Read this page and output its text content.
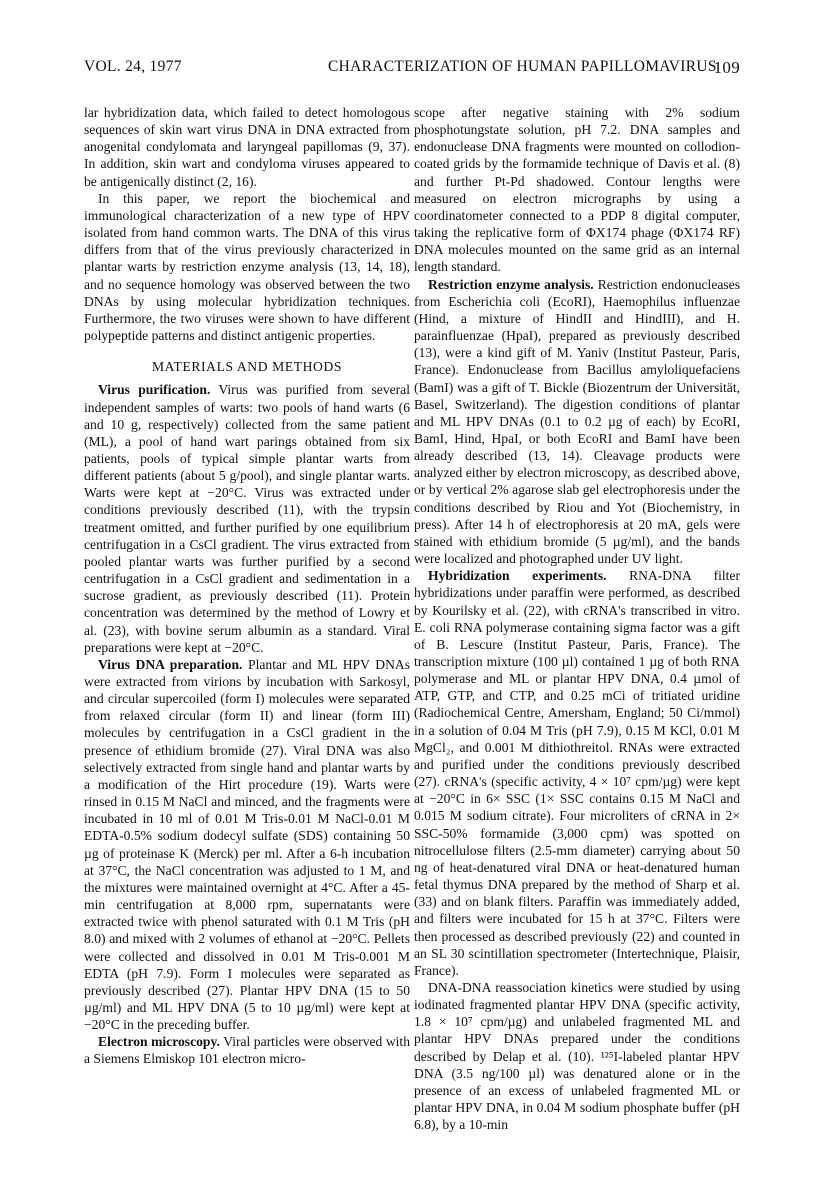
VOL. 24, 1977	CHARACTERIZATION OF HUMAN PAPILLOMAVIRUS
109

lar hybridization data, which failed to detect homologous sequences of skin wart virus DNA in DNA extracted from anogenital condylomata and laryngeal papillomas (9, 37). In addition, skin wart and condyloma viruses appeared to be antigenically distinct (2, 16).

In this paper, we report the biochemical and immunological characterization of a new type of HPV isolated from hand common warts. The DNA of this virus differs from that of the virus previously characterized in plantar warts by restriction enzyme analysis (13, 14, 18), and no sequence homology was observed between the two DNAs by using molecular hybridization techniques. Furthermore, the two viruses were shown to have different polypeptide patterns and distinct antigenic properties.

MATERIALS AND METHODS

Virus purification. Virus was purified from several independent samples of warts: two pools of hand warts (6 and 10 g, respectively) collected from the same patient (ML), a pool of hand wart parings obtained from six patients, pools of typical simple plantar warts from different patients (about 5 g/pool), and single plantar warts. Warts were kept at −20°C. Virus was extracted under conditions previously described (11), with the trypsin treatment omitted, and further purified by one equilibrium centrifugation in a CsCl gradient. The virus extracted from pooled plantar warts was further purified by a second centrifugation in a CsCl gradient and sedimentation in a sucrose gradient, as previously described (11). Protein concentration was determined by the method of Lowry et al. (23), with bovine serum albumin as a standard. Viral preparations were kept at −20°C.

Virus DNA preparation. Plantar and ML HPV DNAs were extracted from virions by incubation with Sarkosyl, and circular supercoiled (form I) molecules were separated from relaxed circular (form II) and linear (form III) molecules by centrifugation in a CsCl gradient in the presence of ethidium bromide (27). Viral DNA was also selectively extracted from single hand and plantar warts by a modification of the Hirt procedure (19). Warts were rinsed in 0.15 M NaCl and minced, and the fragments were incubated in 10 ml of 0.01 M Tris-0.01 M NaCl-0.01 M EDTA-0.5% sodium dodecyl sulfate (SDS) containing 50 µg of proteinase K (Merck) per ml. After a 6-h incubation at 37°C, the NaCl concentration was adjusted to 1 M, and the mixtures were maintained overnight at 4°C. After a 45-min centrifugation at 8,000 rpm, supernatants were extracted twice with phenol saturated with 0.1 M Tris (pH 8.0) and mixed with 2 volumes of ethanol at −20°C. Pellets were collected and dissolved in 0.01 M Tris-0.001 M EDTA (pH 7.9). Form I molecules were separated as previously described (27). Plantar HPV DNA (15 to 50 µg/ml) and ML HPV DNA (5 to 10 µg/ml) were kept at −20°C in the preceding buffer.

Electron microscopy. Viral particles were observed with a Siemens Elmiskop 101 electron micro-

scope after negative staining with 2% sodium phosphotungstate solution, pH 7.2. DNA samples and endonuclease DNA fragments were mounted on collodion-coated grids by the formamide technique of Davis et al. (8) and further Pt-Pd shadowed. Contour lengths were measured on electron micrographs by using a coordinatometer connected to a PDP 8 digital computer, taking the replicative form of ΦX174 phage (ΦX174 RF) DNA molecules mounted on the same grid as an internal length standard.

Restriction enzyme analysis. Restriction endonucleases from Escherichia coli (EcoRI), Haemophilus influenzae (Hind, a mixture of HindII and HindIII), and H. parainfluenzae (HpaI), prepared as previously described (13), were a kind gift of M. Yaniv (Institut Pasteur, Paris, France). Endonuclease from Bacillus amyloliquefaciens (BamI) was a gift of T. Bickle (Biozentrum der Universität, Basel, Switzerland). The digestion conditions of plantar and ML HPV DNAs (0.1 to 0.2 µg of each) by EcoRI, BamI, Hind, HpaI, or both EcoRI and BamI have been already described (13, 14). Cleavage products were analyzed either by electron microscopy, as described above, or by vertical 2% agarose slab gel electrophoresis under the conditions described by Riou and Yot (Biochemistry, in press). After 14 h of electrophoresis at 20 mA, gels were stained with ethidium bromide (5 µg/ml), and the bands were localized and photographed under UV light.

Hybridization experiments. RNA-DNA filter hybridizations under paraffin were performed, as described by Kourilsky et al. (22), with cRNA's transcribed in vitro. E. coli RNA polymerase containing sigma factor was a gift of B. Lescure (Institut Pasteur, Paris, France). The transcription mixture (100 µl) contained 1 µg of both RNA polymerase and ML or plantar HPV DNA, 0.4 µmol of ATP, GTP, and CTP, and 0.25 mCi of tritiated uridine (Radiochemical Centre, Amersham, England; 50 Ci/mmol) in a solution of 0.04 M Tris (pH 7.9), 0.15 M KCl, 0.01 M MgCl₂, and 0.001 M dithiothreitol. RNAs were extracted and purified under the conditions previously described (27). cRNA's (specific activity, 4 × 10⁷ cpm/µg) were kept at −20°C in 6× SSC (1× SSC contains 0.15 M NaCl and 0.015 M sodium citrate). Four microliters of cRNA in 2× SSC-50% formamide (3,000 cpm) was spotted on nitrocellulose filters (2.5-mm diameter) carrying about 50 ng of heat-denatured viral DNA or heat-denatured human fetal thymus DNA prepared by the method of Sharp et al. (33) and on blank filters. Paraffin was immediately added, and filters were incubated for 15 h at 37°C. Filters were then processed as described previously (22) and counted in an SL 30 scintillation spectrometer (Intertechnique, Plaisir, France).

DNA-DNA reassociation kinetics were studied by using iodinated fragmented plantar HPV DNA (specific activity, 1.8 × 10⁷ cpm/µg) and unlabeled fragmented ML and plantar HPV DNAs prepared under the conditions described by Delap et al. (10). ¹²⁵I-labeled plantar HPV DNA (3.5 ng/100 µl) was denatured alone or in the presence of an excess of unlabeled fragmented ML or plantar HPV DNA, in 0.04 M sodium phosphate buffer (pH 6.8), by a 10-min
